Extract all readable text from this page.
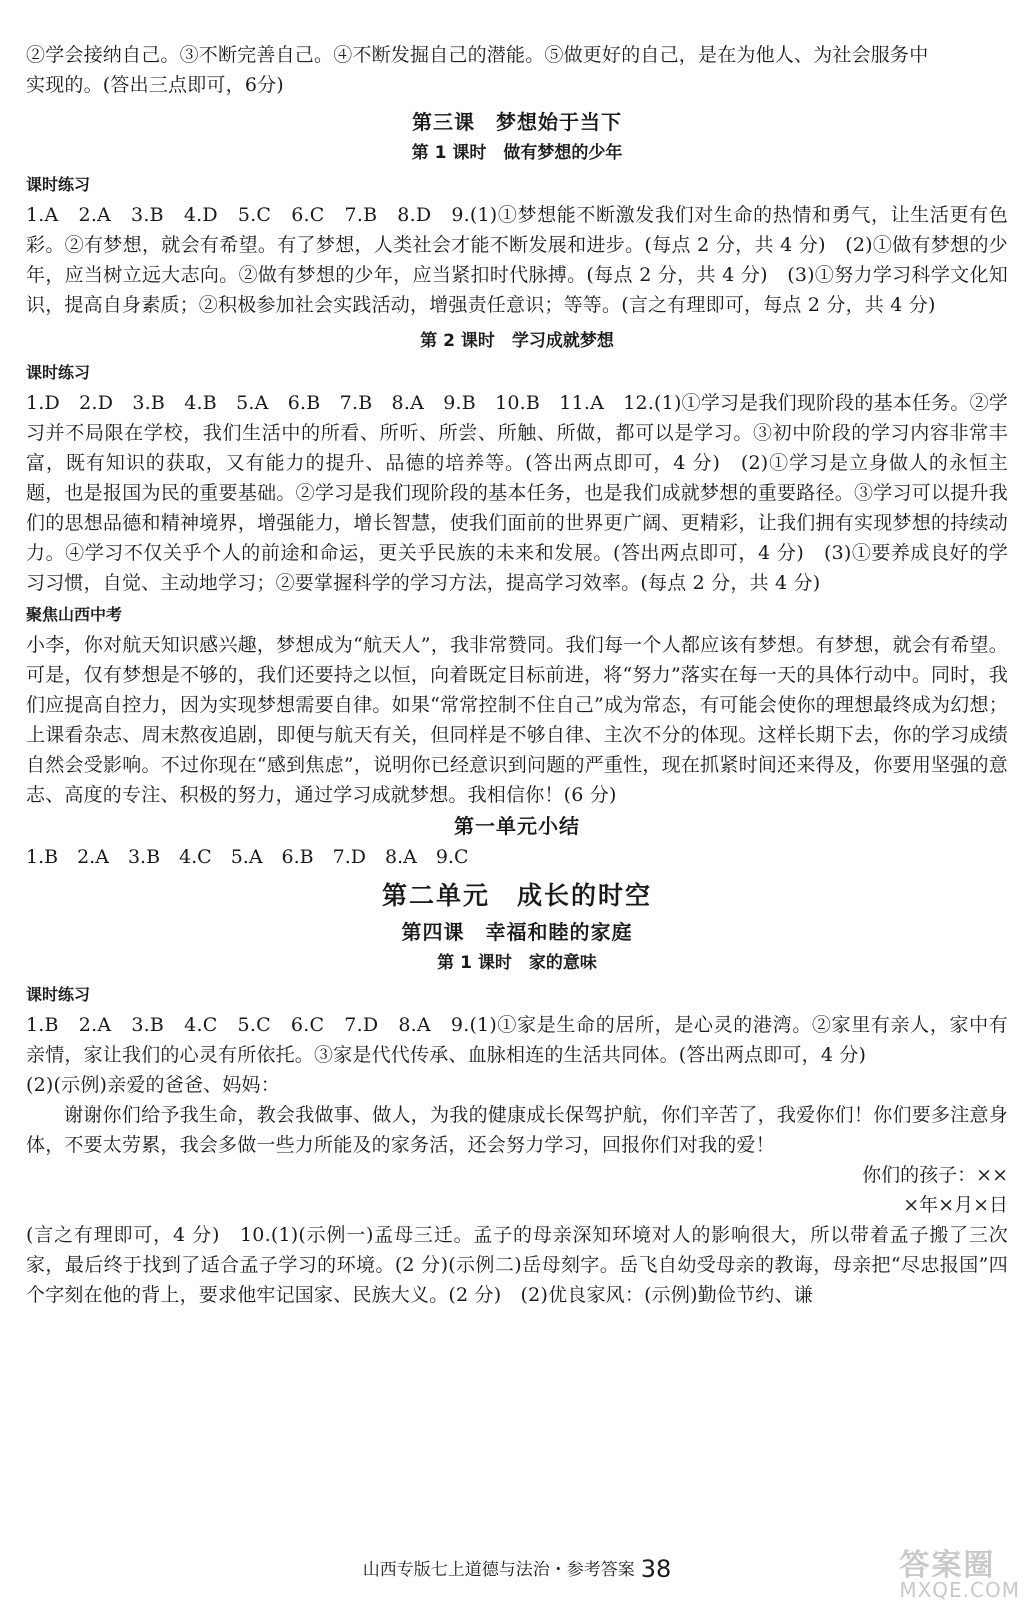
②学会接纳自己。③不断完善自己。④不断发掘自己的潜能。⑤做更好的自己，是在为他人、为社会服务中

实现的。(答出三点即可，6分)

第三课　梦想始于当下
第 1 课时　做有梦想的少年
课时练习

1.A　2.A　3.B　4.D　5.C　6.C　7.B　8.D　9.(1)①梦想能不断激发我们对生命的热情和勇气，让生活更有色彩。②有梦想，就会有希望。有了梦想，人类社会才能不断发展和进步。(每点 2 分，共 4 分)　(2)①做有梦想的少年，应当树立远大志向。②做有梦想的少年，应当紧扣时代脉搏。(每点 2 分，共 4 分)　(3)①努力学习科学文化知识，提高自身素质；②积极参加社会实践活动，增强责任意识；等等。(言之有理即可，每点 2 分，共 4 分)

第 2 课时　学习成就梦想
课时练习

1.D　2.D　3.B　4.B　5.A　6.B　7.B　8.A　9.B　10.B　11.A　12.(1)①学习是我们现阶段的基本任务。②学习并不局限在学校，我们生活中的所看、所听、所尝、所触、所做，都可以是学习。③初中阶段的学习内容非常丰富，既有知识的获取，又有能力的提升、品德的培养等。(答出两点即可，4 分)　(2)①学习是立身做人的永恒主题，也是报国为民的重要基础。②学习是我们现阶段的基本任务，也是我们成就梦想的重要路径。③学习可以提升我们的思想品德和精神境界，增强能力，增长智慧，使我们面前的世界更广阔、更精彩，让我们拥有实现梦想的持续动力。④学习不仅关乎个人的前途和命运，更关乎民族的未来和发展。(答出两点即可，4 分)　(3)①要养成良好的学习习惯，自觉、主动地学习；②要掌握科学的学习方法，提高学习效率。(每点 2 分，共 4 分)

聚焦山西中考

小李，你对航天知识感兴趣，梦想成为“航天人”，我非常赞同。我们每一个人都应该有梦想。有梦想，就会有希望。可是，仅有梦想是不够的，我们还要持之以恒，向着既定目标前进，将“努力”落实在每一天的具体行动中。同时，我们应提高自控力，因为实现梦想需要自律。如果“常常控制不住自己”成为常态，有可能会使你的理想最终成为幻想；上课看杂志、周末熬夜追剧，即便与航天有关，但同样是不够自律、主次不分的体现。这样长期下去，你的学习成绩自然会受影响。不过你现在“感到焦虑”，说明你已经意识到问题的严重性，现在抓紧时间还来得及，你要用坚强的意志、高度的专注、积极的努力，通过学习成就梦想。我相信你！(6 分)

第一单元小结

1.B　2.A　3.B　4.C　5.A　6.B　7.D　8.A　9.C

第二单元　成长的时空
第四课　幸福和睦的家庭
第 1 课时　家的意味
课时练习

1.B　2.A　3.B　4.C　5.C　6.C　7.D　8.A　9.(1)①家是生命的居所，是心灵的港湾。②家里有亲人，家中有亲情，家让我们的心灵有所依托。③家是代代传承、血脉相连的生活共同体。(答出两点即可，4 分)

(2)(示例)亲爱的爸爸、妈妈：

谢谢你们给予我生命，教会我做事、做人，为我的健康成长保驾护航，你们辛苦了，我爱你们！你们要多注意身体，不要太劳累，我会多做一些力所能及的家务活，还会努力学习，回报你们对我的爱！

你们的孩子：××

×年×月×日

(言之有理即可，4 分)　10.(1)(示例一)孟母三迁。孟子的母亲深知环境对人的影响很大，所以带着孟子搬了三次家，最后终于找到了适合孟子学习的环境。(2 分)(示例二)岳母刻字。岳飞自幼受母亲的教诲，母亲把“尽忠报国”四个字刻在他的背上，要求他牢记国家、民族大义。(2 分)　(2)优良家风：(示例)勤俭节约、谦

山西专版七上道德与法治・参考答案 38	答案圈
MXQE.COM
